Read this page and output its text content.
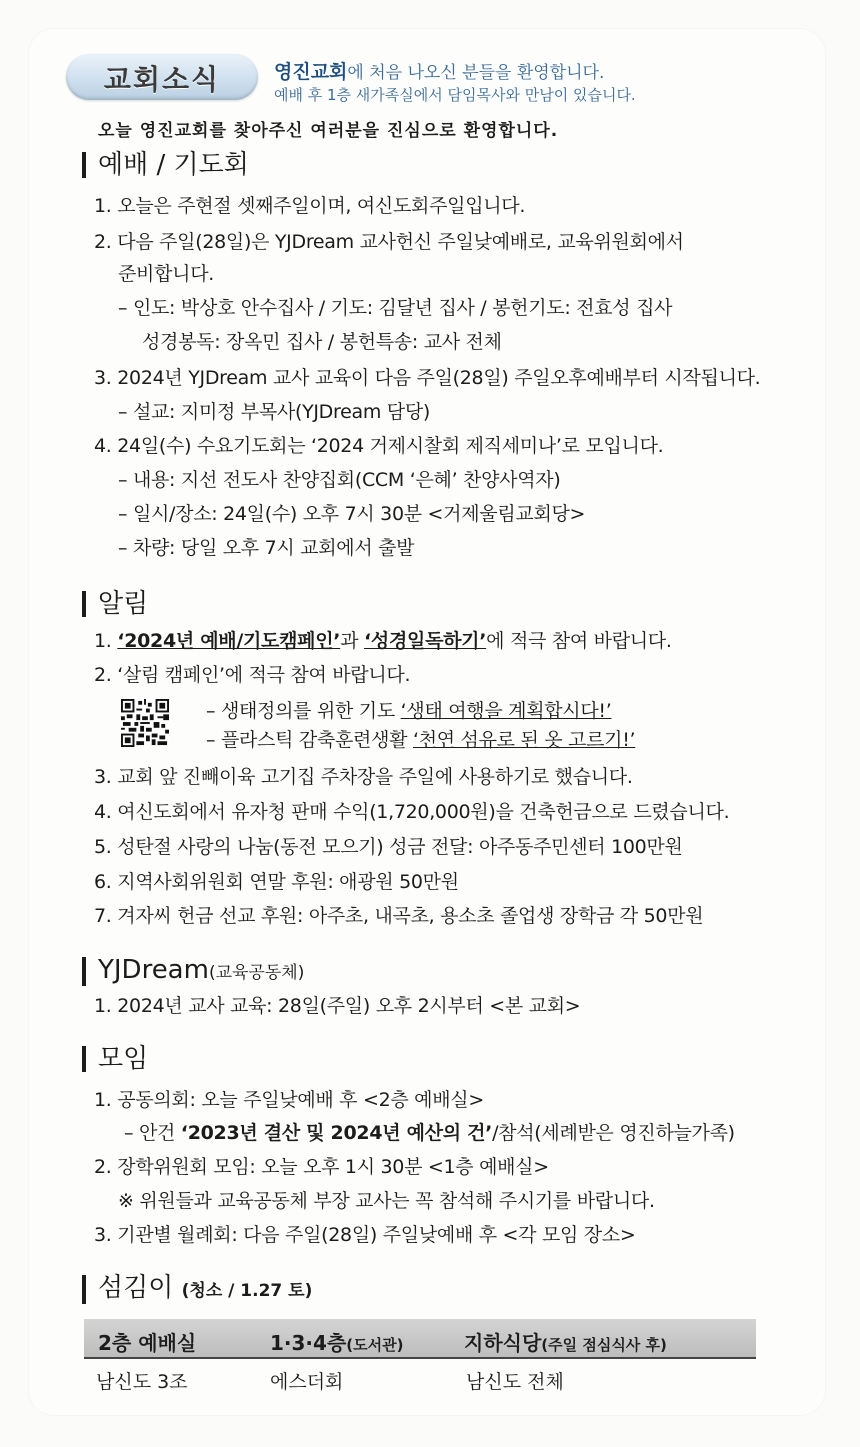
교회소식	영진교회에 처음 나오신 분들을 환영합니다.
예배 후 1층 새가족실에서 담임목사와 만남이 있습니다.
오늘 영진교회를 찾아주신 여러분을 진심으로 환영합니다.
예배 / 기도회
1. 오늘은 주현절 셋째주일이며, 여신도회주일입니다.
2. 다음 주일(28일)은 YJDream 교사헌신 주일낮예배로, 교육위원회에서
준비합니다.
– 인도: 박상호 안수집사 / 기도: 김달년 집사 / 봉헌기도: 전효성 집사
성경봉독: 장옥민 집사 / 봉헌특송: 교사 전체
3. 2024년 YJDream 교사 교육이 다음 주일(28일) 주일오후예배부터 시작됩니다.
– 설교: 지미정 부목사(YJDream 담당)
4. 24일(수) 수요기도회는 ‘2024 거제시찰회 제직세미나’로 모입니다.
– 내용: 지선 전도사 찬양집회(CCM ‘은혜’ 찬양사역자)
– 일시/장소: 24일(수) 오후 7시 30분 <거제울림교회당>
– 차량: 당일 오후 7시 교회에서 출발
알림
1. ‘2024년 예배/기도캠페인’과 ‘성경일독하기’에 적극 참여 바랍니다.
2. ‘살림 캠페인’에 적극 참여 바랍니다.
– 생태정의를 위한 기도 ‘생태 여행을 계획합시다!’
– 플라스틱 감축훈련생활 ‘천연 섬유로 된 옷 고르기!’
3. 교회 앞 진빼이육 고기집 주차장을 주일에 사용하기로 했습니다.
4. 여신도회에서 유자청 판매 수익(1,720,000원)을 건축헌금으로 드렸습니다.
5. 성탄절 사랑의 나눔(동전 모으기) 성금 전달: 아주동주민센터 100만원
6. 지역사회위원회 연말 후원: 애광원 50만원
7. 겨자씨 헌금 선교 후원: 아주초, 내곡초, 용소초 졸업생 장학금 각 50만원
YJDream(교육공동체)
1. 2024년 교사 교육: 28일(주일) 오후 2시부터 <본 교회>
모임
1. 공동의회: 오늘 주일낮예배 후 <2층 예배실>
– 안건 ‘2023년 결산 및 2024년 예산의 건’/참석(세례받은 영진하늘가족)
2. 장학위원회 모임: 오늘 오후 1시 30분 <1층 예배실>
※ 위원들과 교육공동체 부장 교사는 꼭 참석해 주시기를 바랍니다.
3. 기관별 월례회: 다음 주일(28일) 주일낮예배 후 <각 모임 장소>
섬김이 (청소 / 1.27 토)
2층 예배실	1·3·4층(도서관)	지하식당(주일 점심식사 후)
남신도 3조	에스더회	남신도 전체
